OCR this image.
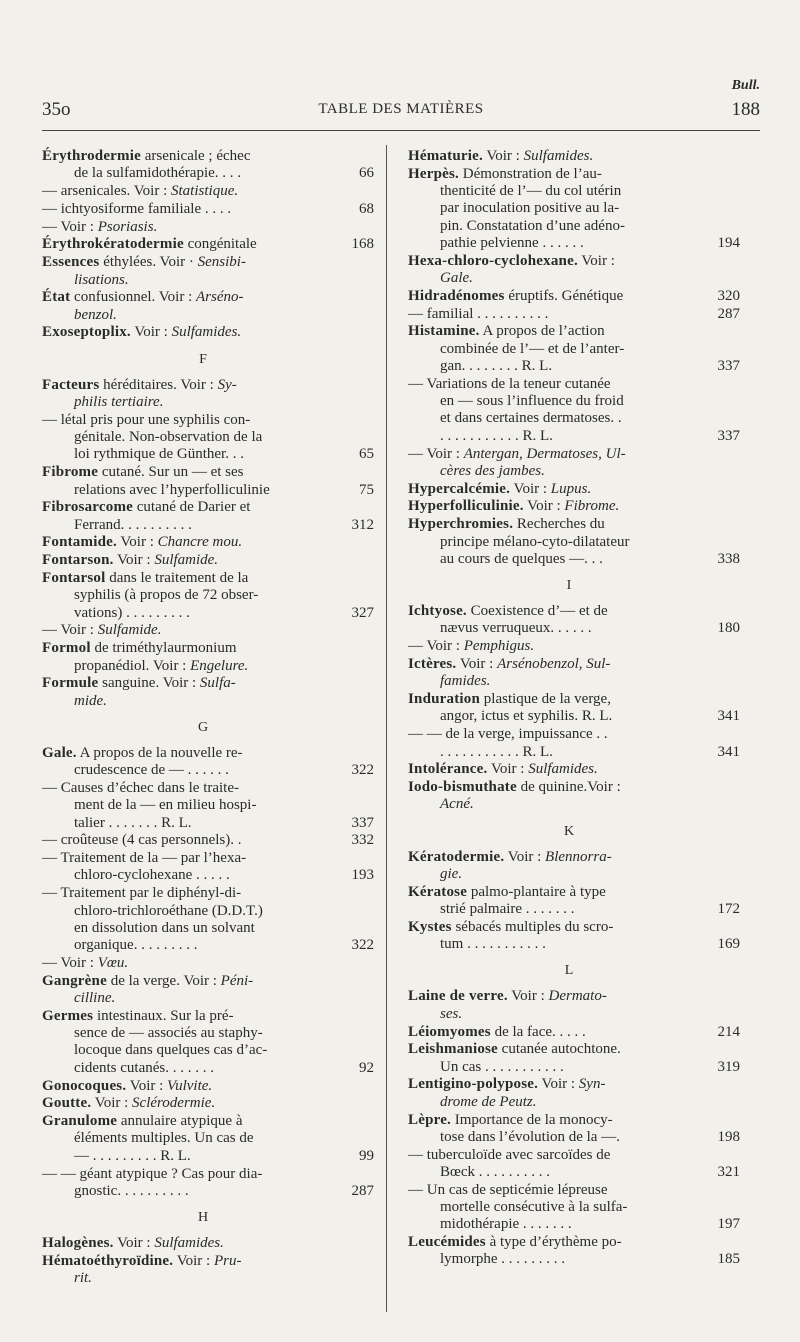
35o	TABLE DES MATIÈRES
Bull.
188
Érythrodermie arsenicale ; échec
de la sulfamidothérapie. . . .	66
— arsenicales. Voir : Statistique.
— ichtyosiforme familiale . . . .	68
— Voir : Psoriasis.
Érythrokératodermie congénitale	168
Essences éthylées. Voir · Sensibi-
lisations.
État confusionnel. Voir : Arséno-
benzol.
Exoseptoplix. Voir : Sulfamides.
F
Facteurs héréditaires. Voir : Sy-
philis tertiaire.
— létal pris pour une syphilis con-
génitale. Non-observation de la
loi rythmique de Günther. . .	65
Fibrome cutané. Sur un — et ses
relations avec l’hyperfolliculinie	75
Fibrosarcome cutané de Darier et
Ferrand. . . . . . . . . .	312
Fontamide. Voir : Chancre mou.
Fontarson. Voir : Sulfamide.
Fontarsol dans le traitement de la
syphilis (à propos de 72 obser-
vations) . . . . . . . . .	327
— Voir : Sulfamide.
Formol de triméthylaurmonium
propanédiol. Voir : Engelure.
Formule sanguine. Voir : Sulfa-
mide.
G
Gale. A propos de la nouvelle re-
crudescence de — . . . . . .	322
— Causes d’échec dans le traite-
ment de la — en milieu hospi-
talier . . . . . . . R. L.	337
— croûteuse (4 cas personnels). .	332
— Traitement de la — par l’hexa-
chloro-cyclohexane . . . . .	193
— Traitement par le diphényl-di-
chloro-trichloroéthane (D.D.T.)
en dissolution dans un solvant
organique. . . . . . . . .	322
— Voir : Vœu.
Gangrène de la verge. Voir : Péni-
cilline.
Germes intestinaux. Sur la pré-
sence de — associés au staphy-
locoque dans quelques cas d’ac-
cidents cutanés. . . . . . .	92
Gonocoques. Voir : Vulvite.
Goutte. Voir : Sclérodermie.
Granulome annulaire atypique à
éléments multiples. Un cas de
— . . . . . . . . . R. L.	99
— — géant atypique ? Cas pour dia-
gnostic. . . . . . . . . .	287
H
Halogènes. Voir : Sulfamides.
Hématoéthyroïdine. Voir : Pru-
rit.
Hématurie. Voir : Sulfamides.
Herpès. Démonstration de l’au-
thenticité de l’— du col utérin
par inoculation positive au la-
pin. Constatation d’une adéno-
pathie pelvienne . . . . . .	194
Hexa-chloro-cyclohexane. Voir :
Gale.
Hidradénomes éruptifs. Génétique	320
— familial . . . . . . . . . .	287
Histamine. A propos de l’action
combinée de l’— et de l’anter-
gan. . . . . . . . R. L.	337
— Variations de la teneur cutanée
en — sous l’influence du froid
et dans certaines dermatoses. .
. . . . . . . . . . . R. L.	337
— Voir : Antergan, Dermatoses, Ul-
cères des jambes.
Hypercalcémie. Voir : Lupus.
Hyperfolliculinie. Voir : Fibrome.
Hyperchromies. Recherches du
principe mélano-cyto-dilatateur
au cours de quelques —. . .	338
I
Ichtyose. Coexistence d’— et de
nævus verruqueux. . . . . .	180
— Voir : Pemphigus.
Ictères. Voir : Arsénobenzol, Sul-
famides.
Induration plastique de la verge,
angor, ictus et syphilis. R. L.	341
— — de la verge, impuissance . .
. . . . . . . . . . . R. L.	341
Intolérance. Voir : Sulfamides.
Iodo-bismuthate de quinine.Voir :
Acné.
K
Kératodermie. Voir : Blennorra-
gie.
Kératose palmo-plantaire à type
strié palmaire . . . . . . .	172
Kystes sébacés multiples du scro-
tum . . . . . . . . . . .	169
L
Laine de verre. Voir : Dermato-
ses.
Léiomyomes de la face. . . . .	214
Leishmaniose cutanée autochtone.
Un cas . . . . . . . . . . .	319
Lentigino-polypose. Voir : Syn-
drome de Peutz.
Lèpre. Importance de la monocy-
tose dans l’évolution de la —.	198
— tuberculoïde avec sarcoïdes de
Bœck . . . . . . . . . .	321
— Un cas de septicémie lépreuse
mortelle consécutive à la sulfa-
midothérapie . . . . . . .	197
Leucémides à type d’érythème po-
lymorphe . . . . . . . . .	185
